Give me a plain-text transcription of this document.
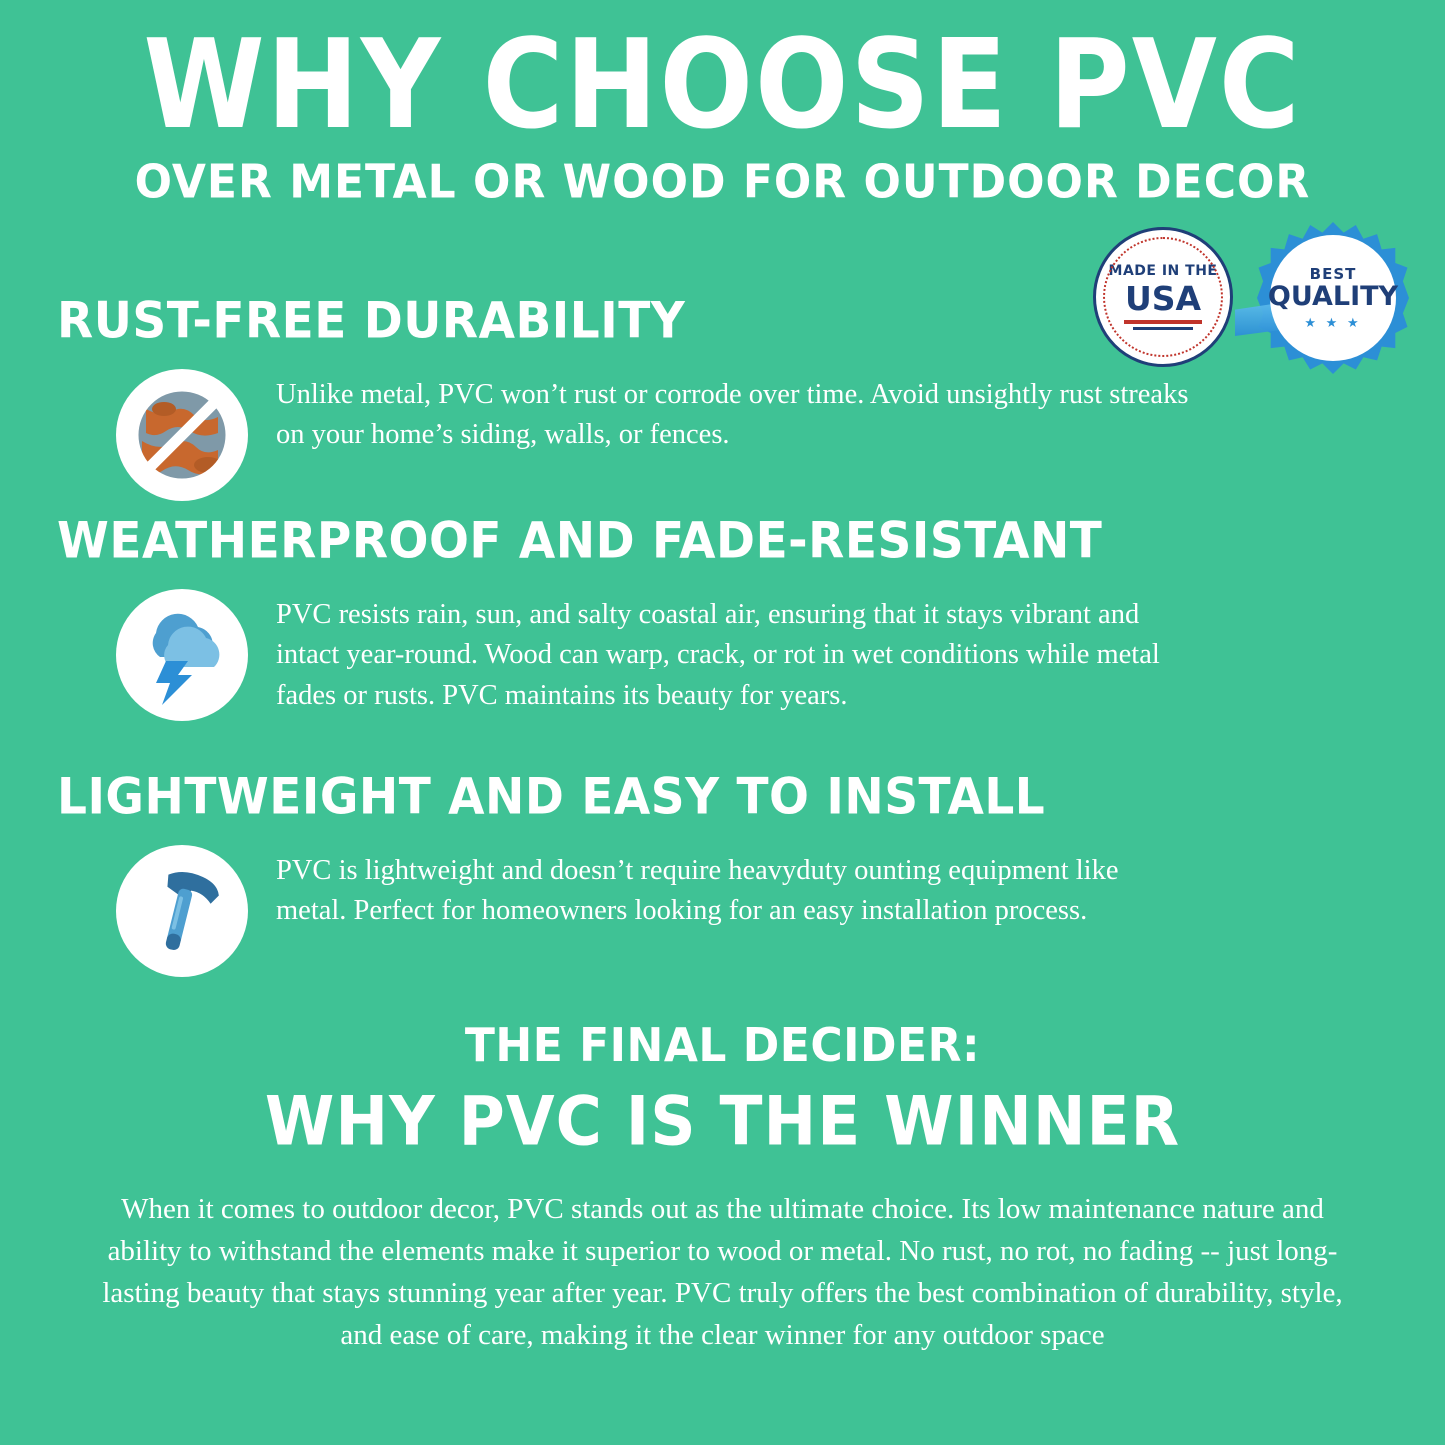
WHY CHOOSE PVC
OVER METAL OR WOOD FOR OUTDOOR DECOR
MADE IN THE
USA
BEST
QUALITY
★ ★ ★
RUST-FREE DURABILITY
Unlike metal, PVC won’t rust or corrode over time. Avoid unsightly rust streaks on your home’s siding, walls, or fences.
WEATHERPROOF AND FADE-RESISTANT
PVC resists rain, sun, and salty coastal air, ensuring that it stays vibrant and intact year-round. Wood can warp, crack, or rot in wet conditions while metal fades or rusts. PVC maintains its beauty for years.
LIGHTWEIGHT AND EASY TO INSTALL
PVC is lightweight and doesn’t require heavyduty ounting equipment like metal. Perfect for homeowners looking for an easy installation process.
THE FINAL DECIDER:
WHY PVC IS THE WINNER
When it comes to outdoor decor, PVC stands out as the ultimate choice. Its low maintenance nature and ability to withstand the elements make it superior to wood or metal. No rust, no rot, no fading -- just long-lasting beauty that stays stunning year after year. PVC truly offers the best combination of durability, style, and ease of care, making it the clear winner for any outdoor space
